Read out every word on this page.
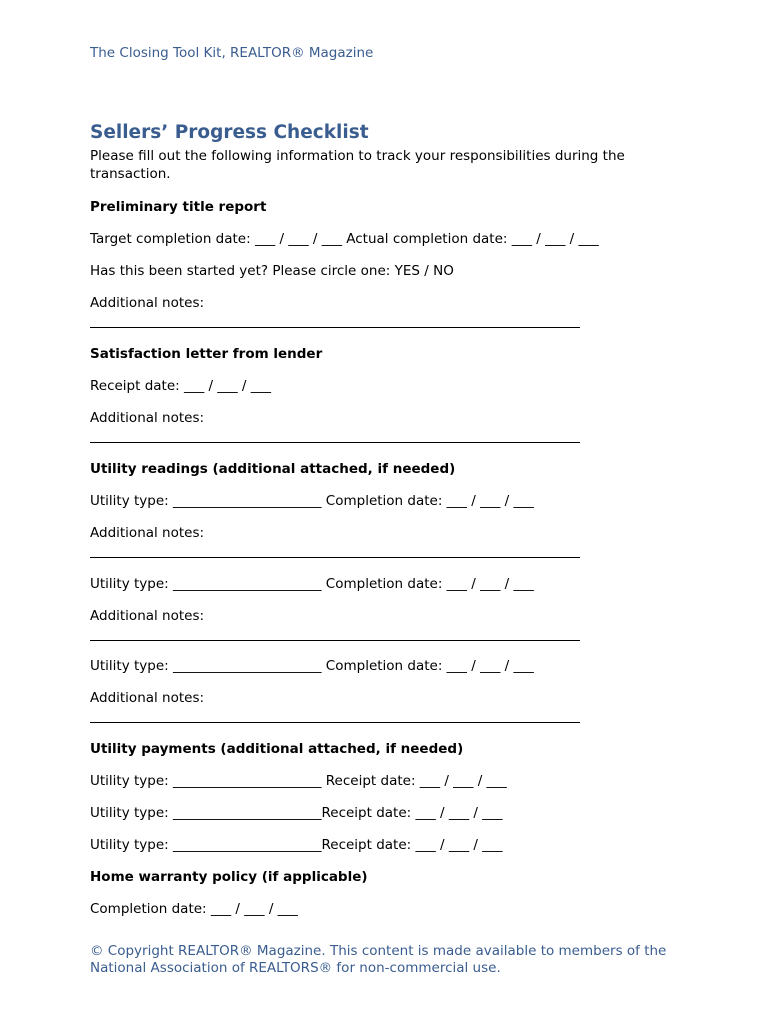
The Closing Tool Kit, REALTOR® Magazine
Sellers’ Progress Checklist
Please fill out the following information to track your responsibilities during the transaction.
Preliminary title report
Target completion date: ___ / ___ / ___ Actual completion date: ___ / ___ / ___
Has this been started yet? Please circle one: YES / NO
Additional notes:
Satisfaction letter from lender
Receipt date: ___ / ___ / ___
Additional notes:
Utility readings (additional attached, if needed)
Utility type: ______________________ Completion date: ___ / ___ / ___
Additional notes:
Utility type: ______________________ Completion date: ___ / ___ / ___
Additional notes:
Utility type: ______________________ Completion date: ___ / ___ / ___
Additional notes:
Utility payments (additional attached, if needed)
Utility type: ______________________ Receipt date: ___ / ___ / ___
Utility type: ______________________Receipt date: ___ / ___ / ___
Utility type: ______________________Receipt date: ___ / ___ / ___
Home warranty policy (if applicable)
Completion date: ___ / ___ / ___
© Copyright REALTOR® Magazine. This content is made available to members of the National Association of REALTORS® for non-commercial use.
